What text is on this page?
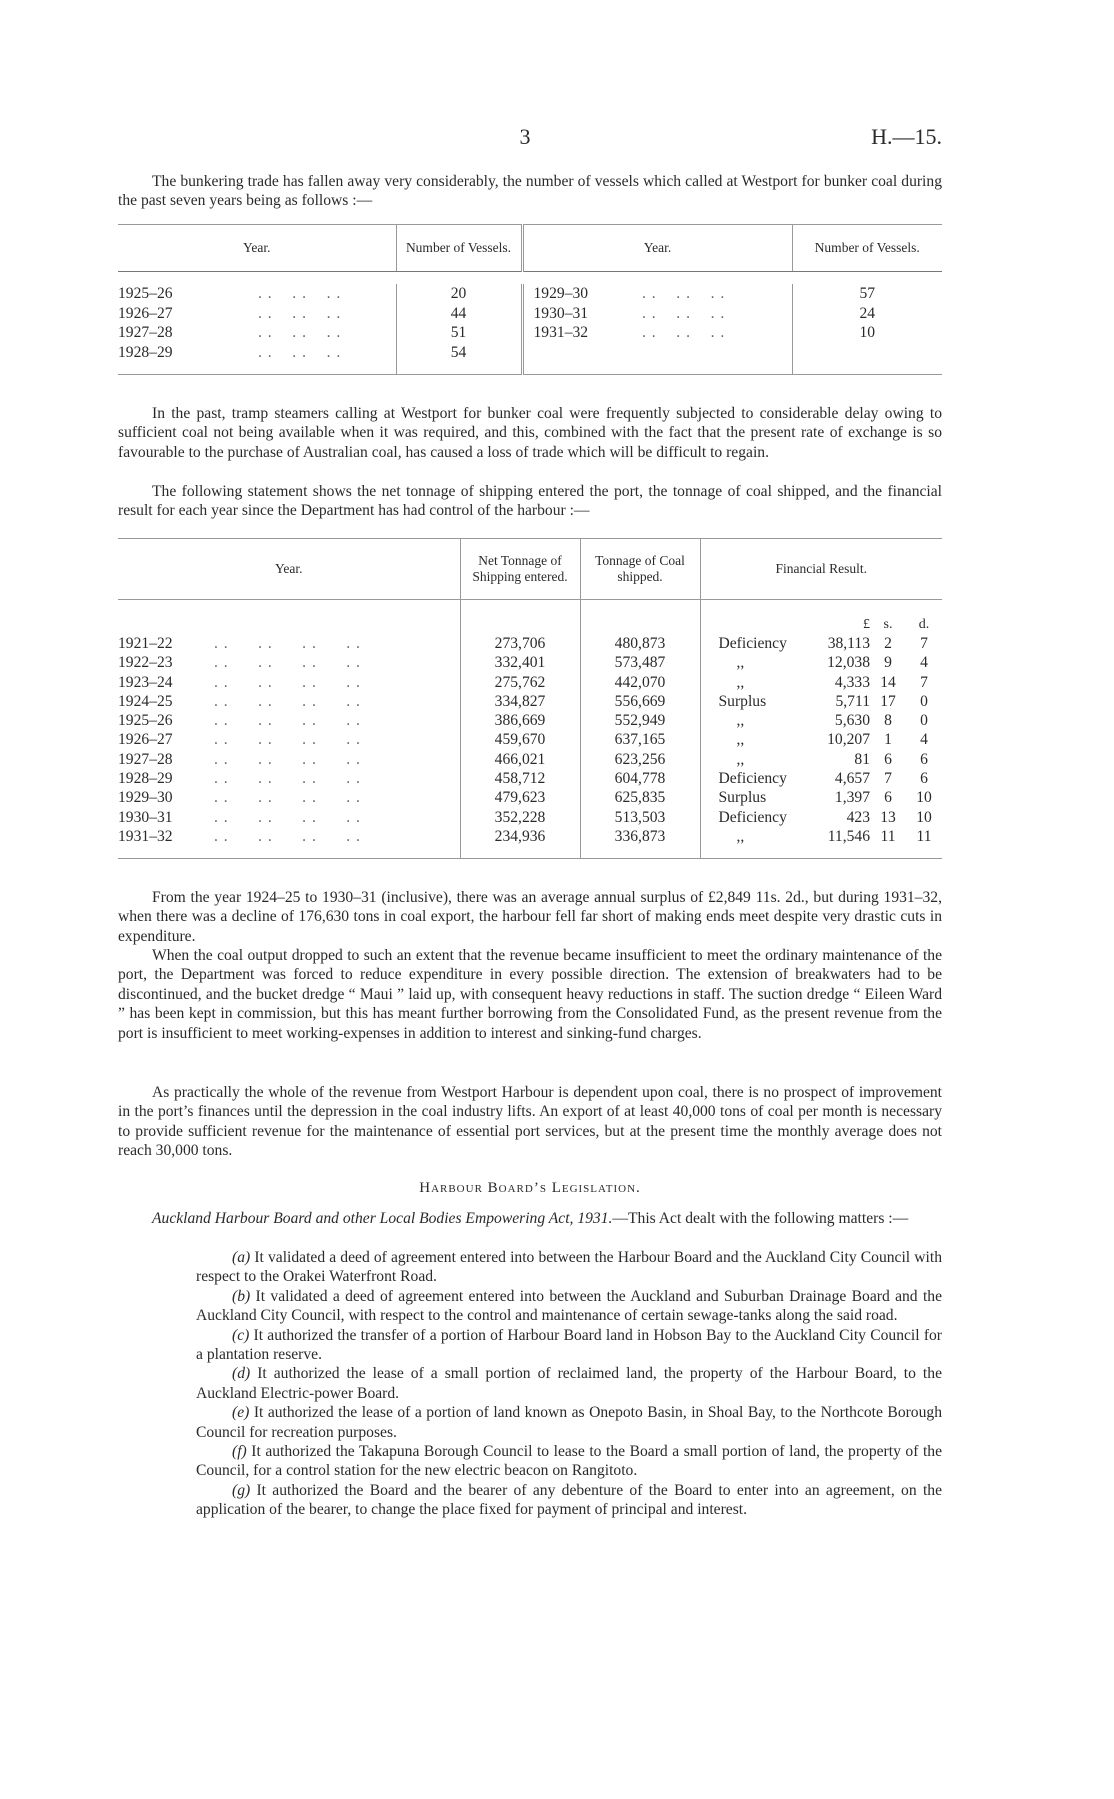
3	H.—15.

The bunkering trade has fallen away very considerably, the number of vessels which called at Westport for bunker coal during the past seven years being as follows :—

Year.		Number of Vessels.	Year.		Number of Vessels.

1925–26	. .    . .    . .	20	1929–30	. .    . .    . .	57
1926–27	. .    . .    . .	44	1930–31	. .    . .    . .	24
1927–28	. .    . .    . .	51	1931–32	. .    . .    . .	10
1928–29	. .    . .    . .	54			

In the past, tramp steamers calling at Westport for bunker coal were frequently subjected to considerable delay owing to sufficient coal not being available when it was required, and this, combined with the fact that the present rate of exchange is so favourable to the purchase of Australian coal, has caused a loss of trade which will be difficult to regain.

The following statement shows the net tonnage of shipping entered the port, the tonnage of coal shipped, and the financial result for each year since the Department has had control of the harbour :—

Year.		Net Tonnage of Shipping entered.	Tonnage of Coal shipped.	Financial Result.			
					£	s.	d.
1921–22	. .      . .      . .      . .	273,706	480,873	Deficiency	38,113	2	7
1922–23	. .      . .      . .      . .	332,401	573,487	,,	12,038	9	4
1923–24	. .      . .      . .      . .	275,762	442,070	,,	4,333	14	7
1924–25	. .      . .      . .      . .	334,827	556,669	Surplus	5,711	17	0
1925–26	. .      . .      . .      . .	386,669	552,949	,,	5,630	8	0
1926–27	. .      . .      . .      . .	459,670	637,165	,,	10,207	1	4
1927–28	. .      . .      . .      . .	466,021	623,256	,,	81	6	6
1928–29	. .      . .      . .      . .	458,712	604,778	Deficiency	4,657	7	6
1929–30	. .      . .      . .      . .	479,623	625,835	Surplus	1,397	6	10
1930–31	. .      . .      . .      . .	352,228	513,503	Deficiency	423	13	10
1931–32	. .      . .      . .      . .	234,936	336,873	,,	11,546	11	11

From the year 1924–25 to 1930–31 (inclusive), there was an average annual surplus of £2,849 11s. 2d., but during 1931–32, when there was a decline of 176,630 tons in coal export, the harbour fell far short of making ends meet despite very drastic cuts in expenditure.

When the coal output dropped to such an extent that the revenue became insufficient to meet the ordinary maintenance of the port, the Department was forced to reduce expenditure in every possible direction. The extension of breakwaters had to be discontinued, and the bucket dredge “ Maui ” laid up, with consequent heavy reductions in staff. The suction dredge “ Eileen Ward ” has been kept in commission, but this has meant further borrowing from the Consolidated Fund, as the present revenue from the port is insufficient to meet working-expenses in addition to interest and sinking-fund charges.

As practically the whole of the revenue from Westport Harbour is dependent upon coal, there is no prospect of improvement in the port’s finances until the depression in the coal industry lifts. An export of at least 40,000 tons of coal per month is necessary to provide sufficient revenue for the maintenance of essential port services, but at the present time the monthly average does not reach 30,000 tons.

Harbour Board’s Legislation.

Auckland Harbour Board and other Local Bodies Empowering Act, 1931.—This Act dealt with the following matters :—

(a) It validated a deed of agreement entered into between the Harbour Board and the Auckland City Council with respect to the Orakei Waterfront Road.

(b) It validated a deed of agreement entered into between the Auckland and Suburban Drainage Board and the Auckland City Council, with respect to the control and maintenance of certain sewage-tanks along the said road.

(c) It authorized the transfer of a portion of Harbour Board land in Hobson Bay to the Auckland City Council for a plantation reserve.

(d) It authorized the lease of a small portion of reclaimed land, the property of the Harbour Board, to the Auckland Electric-power Board.

(e) It authorized the lease of a portion of land known as Onepoto Basin, in Shoal Bay, to the Northcote Borough Council for recreation purposes.

(f) It authorized the Takapuna Borough Council to lease to the Board a small portion of land, the property of the Council, for a control station for the new electric beacon on Rangitoto.

(g) It authorized the Board and the bearer of any debenture of the Board to enter into an agreement, on the application of the bearer, to change the place fixed for payment of principal and interest.
